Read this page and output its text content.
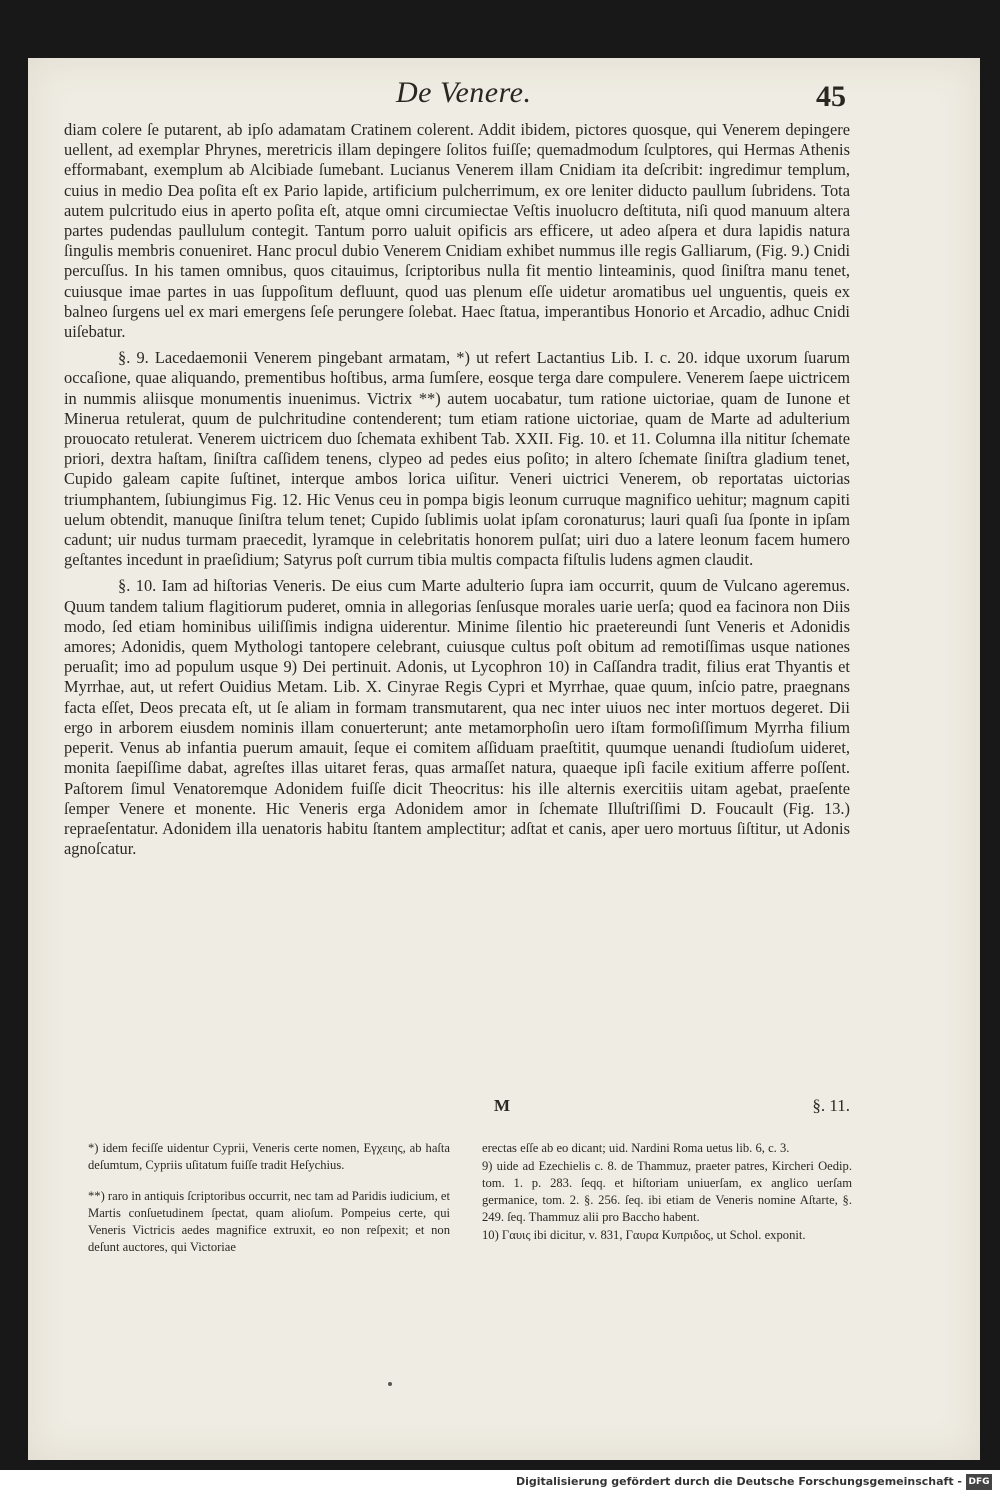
De Venere.	45

diam colere ſe putarent, ab ipſo adamatam Cratinem colerent. Addit ibidem, pictores quosque, qui Venerem depingere uellent, ad exemplar Phrynes, meretricis illam depingere ſolitos fuiſſe; quemadmodum ſculptores, qui Hermas Athenis efformabant, exemplum ab Alcibiade ſumebant. Lucianus Venerem illam Cnidiam ita deſcribit: ingredimur templum, cuius in medio Dea poſita eſt ex Pario lapide, artificium pulcherrimum, ex ore leniter diducto paullum ſubridens. Tota autem pulcritudo eius in aperto poſita eſt, atque omni circumiectae Veſtis inuolucro deſtituta, niſi quod manuum altera partes pudendas paullulum contegit. Tantum porro ualuit opificis ars efficere, ut adeo aſpera et dura lapidis natura ſingulis membris conueniret. Hanc procul dubio Venerem Cnidiam exhibet nummus ille regis Galliarum, (Fig. 9.) Cnidi percuſſus. In his tamen omnibus, quos citauimus, ſcriptoribus nulla fit mentio linteaminis, quod ſiniſtra manu tenet, cuiusque imae partes in uas ſuppoſitum defluunt, quod uas plenum eſſe uidetur aromatibus uel unguentis, queis ex balneo ſurgens uel ex mari emergens ſeſe perungere ſolebat. Haec ſtatua, imperantibus Honorio et Arcadio, adhuc Cnidi uiſebatur.

§. 9. Lacedaemonii Venerem pingebant armatam, *) ut refert Lactantius Lib. I. c. 20. idque uxorum ſuarum occaſione, quae aliquando, prementibus hoſtibus, arma ſumſere, eosque terga dare compulere. Venerem ſaepe uictricem in nummis aliisque monumentis inuenimus. Victrix **) autem uocabatur, tum ratione uictoriae, quam de Iunone et Minerua retulerat, quum de pulchritudine contenderent; tum etiam ratione uictoriae, quam de Marte ad adulterium prouocato retulerat. Venerem uictricem duo ſchemata exhibent Tab. XXII. Fig. 10. et 11. Columna illa nititur ſchemate priori, dextra haſtam, ſiniſtra caſſidem tenens, clypeo ad pedes eius poſito; in altero ſchemate ſiniſtra gladium tenet, Cupido galeam capite ſuſtinet, interque ambos lorica uiſitur. Veneri uictrici Venerem, ob reportatas uictorias triumphantem, ſubiungimus Fig. 12. Hic Venus ceu in pompa bigis leonum curruque magnifico uehitur; magnum capiti uelum obtendit, manuque ſiniſtra telum tenet; Cupido ſublimis uolat ipſam coronaturus; lauri quaſi ſua ſponte in ipſam cadunt; uir nudus turmam praecedit, lyramque in celebritatis honorem pulſat; uiri duo a latere leonum facem humero geſtantes incedunt in praeſidium; Satyrus poſt currum tibia multis compacta fiſtulis ludens agmen claudit.

§. 10. Iam ad hiſtorias Veneris. De eius cum Marte adulterio ſupra iam occurrit, quum de Vulcano ageremus. Quum tandem talium flagitiorum puderet, omnia in allegorias ſenſusque morales uarie uerſa; quod ea facinora non Diis modo, ſed etiam hominibus uiliſſimis indigna uiderentur. Minime ſilentio hic praetereundi ſunt Veneris et Adonidis amores; Adonidis, quem Mythologi tantopere celebrant, cuiusque cultus poſt obitum ad remotiſſimas usque nationes peruaſit; imo ad populum usque 9) Dei pertinuit. Adonis, ut Lycophron 10) in Caſſandra tradit, filius erat Thyantis et Myrrhae, aut, ut refert Ouidius Metam. Lib. X. Cinyrae Regis Cypri et Myrrhae, quae quum, inſcio patre, praegnans facta eſſet, Deos precata eſt, ut ſe aliam in formam transmutarent, qua nec inter uiuos nec inter mortuos degeret. Dii ergo in arborem eiusdem nominis illam conuerterunt; ante metamorphoſin uero iſtam formoſiſſimum Myrrha filium peperit. Venus ab infantia puerum amauit, ſeque ei comitem aſſiduam praeſtitit, quumque uenandi ſtudioſum uideret, monita ſaepiſſime dabat, agreſtes illas uitaret feras, quas armaſſet natura, quaeque ipſi facile exitium afferre poſſent. Paſtorem ſimul Venatoremque Adonidem fuiſſe dicit Theocritus: his ille alternis exercitiis uitam agebat, praeſente ſemper Venere et monente. Hic Veneris erga Adonidem amor in ſchemate Illuſtriſſimi D. Foucault (Fig. 13.) repraeſentatur. Adonidem illa uenatoris habitu ſtantem amplectitur; adſtat et canis, aper uero mortuus ſiſtitur, ut Adonis agnoſcatur.

M	§. 11.

*) idem feciſſe uidentur Cyprii, Veneris certe nomen, Εγχειης, ab haſta deſumtum, Cypriis uſitatum fuiſſe tradit Heſychius.

**) raro in antiquis ſcriptoribus occurrit, nec tam ad Paridis iudicium, et Martis conſuetudinem ſpectat, quam alioſum. Pompeius certe, qui Veneris Victricis aedes magnifice extruxit, eo non reſpexit; et non deſunt auctores, qui Victoriae

erectas eſſe ab eo dicant; uid. Nardini Roma uetus lib. 6, c. 3.

9) uide ad Ezechielis c. 8. de Thammuz, praeter patres, Kircheri Oedip. tom. 1. p. 283. ſeqq. et hiſtoriam uniuerſam, ex anglico uerſam germanice, tom. 2. §. 256. ſeq. ibi etiam de Veneris nomine Aſtarte, §. 249. ſeq. Thammuz alii pro Baccho habent.

10) Γαυις ibi dicitur, v. 831, Γαυρα Κυπριδος, ut Schol. exponit.

Digitalisierung gefördert durch die Deutsche Forschungsgemeinschaft - DFG
